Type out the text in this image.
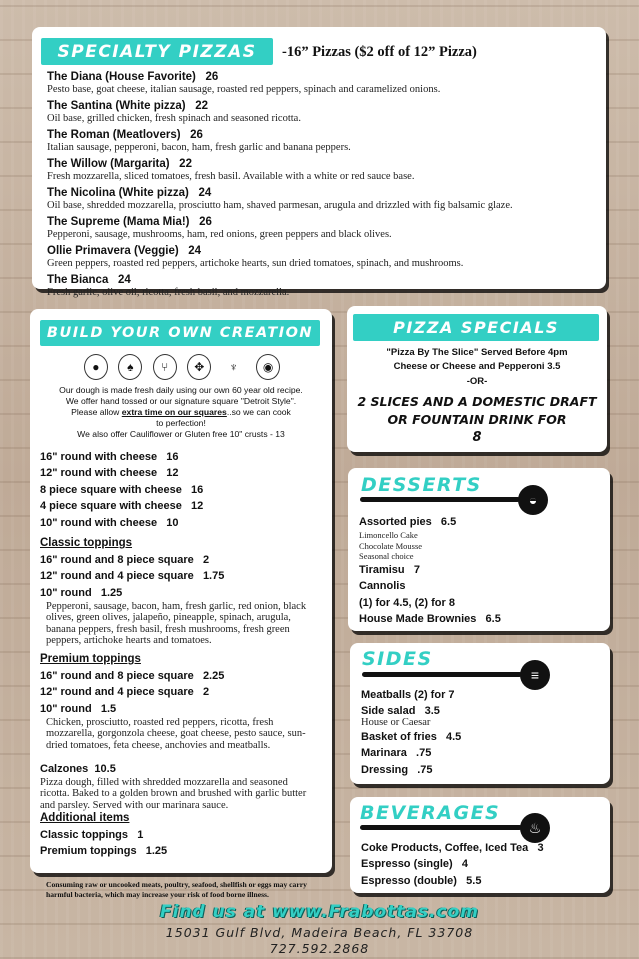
SPECIALTY PIZZAS	-16” Pizzas ($2 off of 12” Pizza)
The Diana (House Favorite) 26
Pesto base, goat cheese, italian sausage, roasted red peppers, spinach and caramelized onions.
The Santina (White pizza) 22
Oil base, grilled chicken, fresh spinach and seasoned ricotta.
The Roman (Meatlovers) 26
Italian sausage, pepperoni, bacon, ham, fresh garlic and banana peppers.
The Willow (Margarita) 22
Fresh mozzarella, sliced tomatoes, fresh basil. Available with a white or red sauce base.
The Nicolina (White pizza) 24
Oil base, shredded mozzarella, prosciutto ham, shaved parmesan, arugula and drizzled with fig balsamic glaze.
The Supreme (Mama Mia!) 26
Pepperoni, sausage, mushrooms, ham, red onions, green peppers and black olives.
Ollie Primavera (Veggie) 24
Green peppers, roasted red peppers, artichoke hearts, sun dried tomatoes, spinach, and mushrooms.
The Bianca 24
Fresh garlic, olive oil, ricotta, fresh basil, and mozzarella.
BUILD YOUR OWN CREATION
● ♠ ⑂ ✥ ♆ ◉
Our dough is made fresh daily using our own 60 year old recipe.
We offer hand tossed or our signature square "Detroit Style".
Please allow extra time on our squares..so we can cook
to perfection!
We also offer Cauliflower or Gluten free 10" crusts - 13
16" round with cheese 16
12" round with cheese 12
8 piece square with cheese 16
4 piece square with cheese 12
10" round with cheese 10
Classic toppings
16" round and 8 piece square 2
12" round and 4 piece square 1.75
10" round 1.25
Pepperoni, sausage, bacon, ham, fresh garlic, red onion, black olives, green olives, jalapeño, pineapple, spinach, arugula, banana peppers, fresh basil, fresh mushrooms, fresh green peppers, artichoke hearts and tomatoes.
Premium toppings
16" round and 8 piece square 2.25
12" round and 4 piece square 2
10" round 1.5
Chicken, prosciutto, roasted red peppers, ricotta, fresh mozzarella, gorgonzola cheese, goat cheese, pesto sauce, sun-dried tomatoes, feta cheese, anchovies and meatballs.
Calzones 10.5
Pizza dough, filled with shredded mozzarella and seasoned ricotta. Baked to a golden brown and brushed with garlic butter and parsley. Served with our marinara sauce.
Additional items
Classic toppings 1
Premium toppings 1.25
PIZZA SPECIALS
"Pizza By The Slice" Served Before 4pm
Cheese or Cheese and Pepperoni 3.5
-OR-
2 SLICES AND A DOMESTIC DRAFT
OR FOUNTAIN DRINK FOR
8
DESSERTS
◒
Assorted pies 6.5
Limoncello Cake
Chocolate Mousse
Seasonal choice
Tiramisu 7
Cannolis
(1) for 4.5, (2) for 8
House Made Brownies 6.5
SIDES
≡
Meatballs (2) for 7
Side salad 3.5
House or Caesar
Basket of fries 4.5
Marinara .75
Dressing .75
BEVERAGES
♨
Coke Products, Coffee, Iced Tea 3
Espresso (single) 4
Espresso (double) 5.5
Consuming raw or uncooked meats, poultry, seafood, shellfish or eggs may carry harmful bacteria, which may increase your risk of food borne illness.
Find us at www.Frabottas.com
15031 Gulf Blvd, Madeira Beach, FL 33708
727.592.2868
